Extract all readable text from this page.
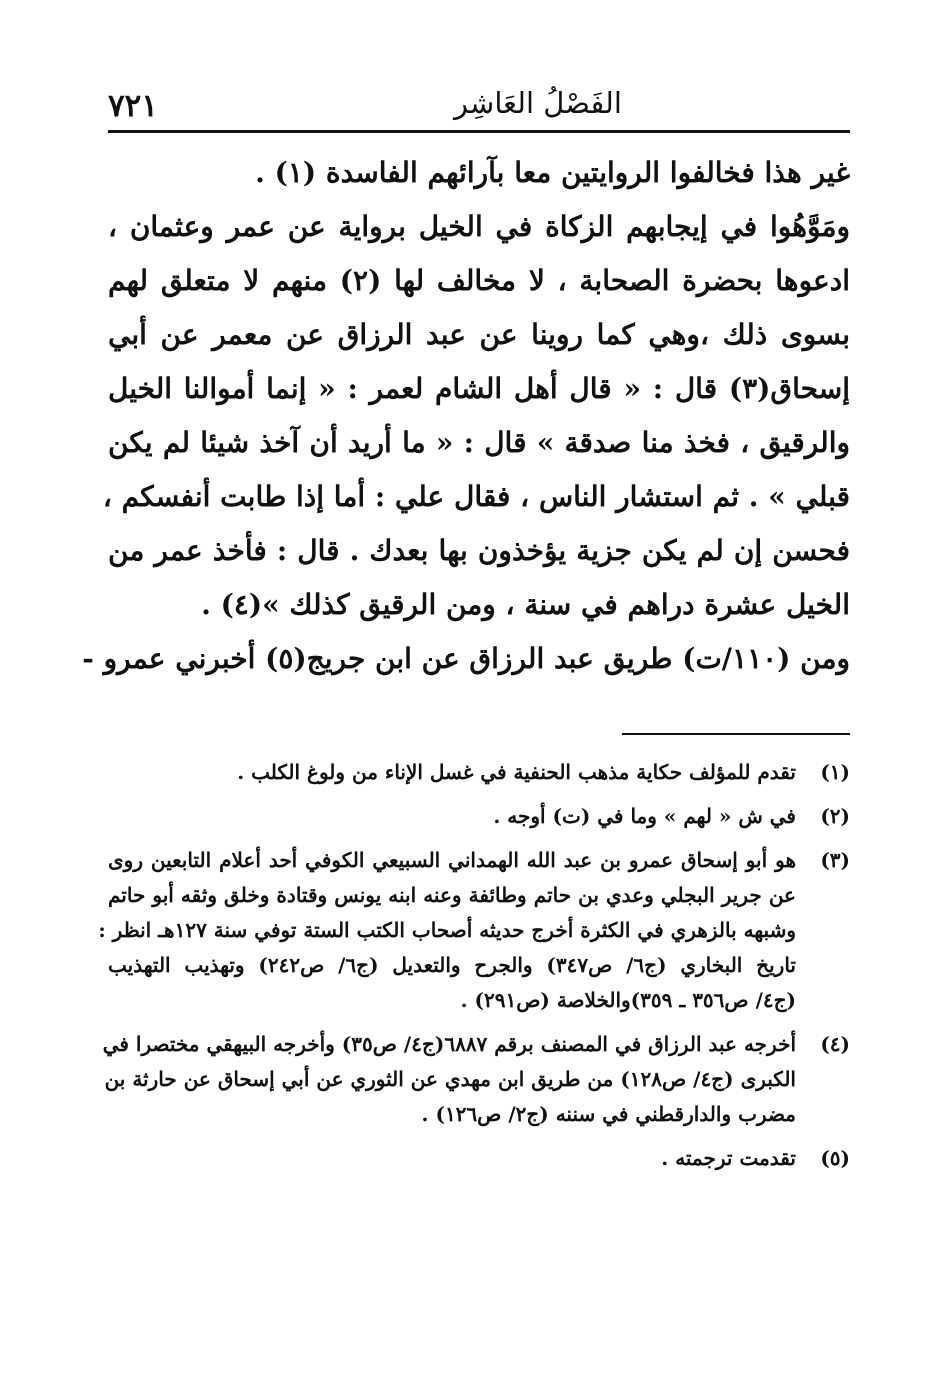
٧٢١	الفَصْلُ العَاشِر
غير هذا فخالفوا الروايتين معا بآرائهم الفاسدة (١) .
ومَوَّهُوا في إيجابهم الزكاة في الخيل برواية عن عمر وعثمان ،
ادعوها بحضرة الصحابة ، لا مخالف لها (٢) منهم لا متعلق لهم
بسوى ذلك ،وهي كما روينا عن عبد الرزاق عن معمر عن أبي
إسحاق(٣) قال : « قال أهل الشام لعمر : « إنما أموالنا الخيل
والرقيق ، فخذ منا صدقة » قال : « ما أريد أن آخذ شيئا لم يكن
قبلي » . ثم استشار الناس ، فقال علي : أما إذا طابت أنفسكم ،
فحسن إن لم يكن جزية يؤخذون بها بعدك . قال : فأخذ عمر من
الخيل عشرة دراهم في سنة ، ومن الرقيق كذلك »(٤) .
ومن (١١٠/ت) طريق عبد الرزاق عن ابن جريج(٥) أخبرني عمرو -
(١)
تقدم للمؤلف حكاية مذهب الحنفية في غسل الإناء من ولوغ الكلب .
(٢)
في ش « لهم » وما في (ت) أوجه .
(٣)
هو أبو إسحاق عمرو بن عبد الله الهمداني السبيعي الكوفي أحد أعلام التابعين روى
عن جرير البجلي وعدي بن حاتم وطائفة وعنه ابنه يونس وقتادة وخلق وثقه أبو حاتم
وشبهه بالزهري في الكثرة أخرج حديثه أصحاب الكتب الستة توفي سنة ١٢٧هـ انظر :
تاريخ البخاري (ج٦/ ص٣٤٧) والجرح والتعديل (ج٦/ ص٢٤٢) وتهذيب التهذيب
(ج٤/ ص٣٥٦ ـ ٣٥٩)والخلاصة (ص٢٩١) .
(٤)
أخرجه عبد الرزاق في المصنف برقم ٦٨٨٧(ج٤/ ص٣٥) وأخرجه البيهقي مختصرا في
الكبرى (ج٤/ ص١٢٨) من طريق ابن مهدي عن الثوري عن أبي إسحاق عن حارثة بن
مضرب والدارقطني في سننه (ج٢/ ص١٢٦) .
(٥)
تقدمت ترجمته .
